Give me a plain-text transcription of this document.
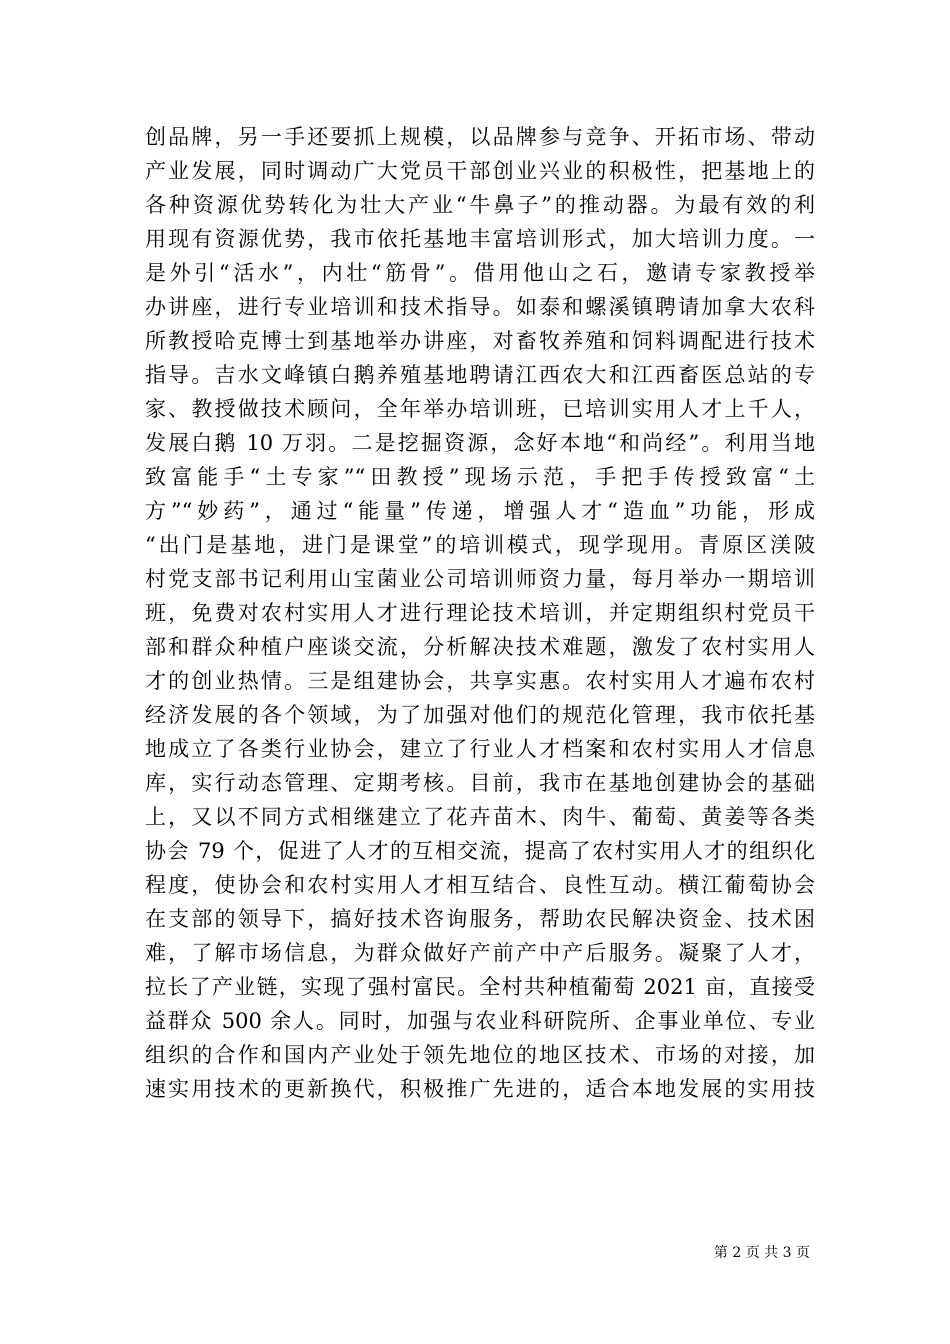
创品牌，另一手还要抓上规模，以品牌参与竞争、开拓市场、带动
产业发展，同时调动广大党员干部创业兴业的积极性，把基地上的
各种资源优势转化为壮大产业“牛鼻子”的推动器。为最有效的利
用现有资源优势，我市依托基地丰富培训形式，加大培训力度。一
是外引“活水”，内壮“筋骨”。借用他山之石，邀请专家教授举
办讲座，进行专业培训和技术指导。如泰和螺溪镇聘请加拿大农科
所教授哈克博士到基地举办讲座，对畜牧养殖和饲料调配进行技术
指导。吉水文峰镇白鹅养殖基地聘请江西农大和江西畜医总站的专
家、教授做技术顾问，全年举办培训班，已培训实用人才上千人，
发展白鹅 10 万羽。二是挖掘资源，念好本地“和尚经”。利用当地
致富能手“土专家”“田教授”现场示范，手把手传授致富“土
方”“妙药”，通过“能量”传递，增强人才“造血”功能，形成
“出门是基地，进门是课堂”的培训模式，现学现用。青原区渼陂
村党支部书记利用山宝菌业公司培训师资力量，每月举办一期培训
班，免费对农村实用人才进行理论技术培训，并定期组织村党员干
部和群众种植户座谈交流，分析解决技术难题，激发了农村实用人
才的创业热情。三是组建协会，共享实惠。农村实用人才遍布农村
经济发展的各个领域，为了加强对他们的规范化管理，我市依托基
地成立了各类行业协会，建立了行业人才档案和农村实用人才信息
库，实行动态管理、定期考核。目前，我市在基地创建协会的基础
上，又以不同方式相继建立了花卉苗木、肉牛、葡萄、黄姜等各类
协会 79 个，促进了人才的互相交流，提高了农村实用人才的组织化
程度，使协会和农村实用人才相互结合、良性互动。横江葡萄协会
在支部的领导下，搞好技术咨询服务，帮助农民解决资金、技术困
难，了解市场信息，为群众做好产前产中产后服务。凝聚了人才，
拉长了产业链，实现了强村富民。全村共种植葡萄 2021 亩，直接受
益群众 500 余人。同时，加强与农业科研院所、企事业单位、专业
组织的合作和国内产业处于领先地位的地区技术、市场的对接，加
速实用技术的更新换代，积极推广先进的，适合本地发展的实用技
第 2 页 共 3 页
